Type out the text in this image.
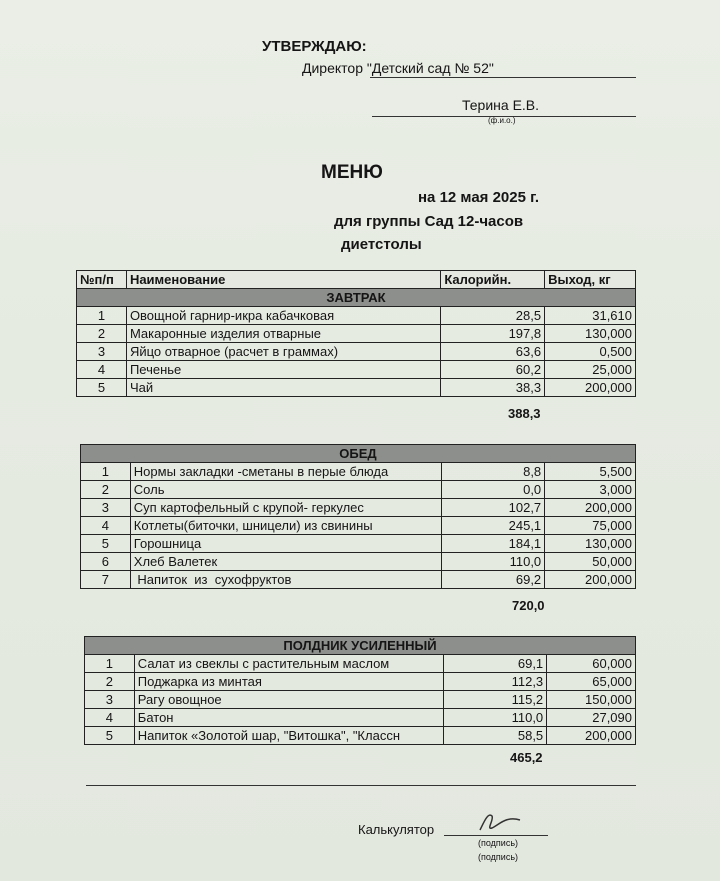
УТВЕРЖДАЮ:
Директор "Детский сад № 52"
Терина Е.В.
(ф.и.о.)
МЕНЮ
на 12 мая 2025 г.
для группы Сад 12-часов
диетстолы
№п/п	Наименование	Калорийн.	Выход, кг
ЗАВТРАК			
1	Овощной гарнир-икра кабачковая	28,5	31,610
2	Макаронные изделия отварные	197,8	130,000
3	Яйцо отварное (расчет в граммах)	63,6	0,500
4	Печенье	60,2	25,000
5	Чай	38,3	200,000
388,3
ОБЕД			
1	Нормы закладки -сметаны в перые блюда	8,8	5,500
2	Соль	0,0	3,000
3	Суп картофельный с крупой- геркулес	102,7	200,000
4	Котлеты(биточки, шницели) из свинины	245,1	75,000
5	Горошница	184,1	130,000
6	Хлеб Валетек	110,0	50,000
7	Напиток  из  сухофруктов	69,2	200,000
720,0
ПОЛДНИК УСИЛЕННЫЙ			
1	Салат из свеклы с растительным маслом	69,1	60,000
2	Поджарка из минтая	112,3	65,000
3	Рагу овощное	115,2	150,000
4	Батон	110,0	27,090
5	Напиток «Золотой шар, "Витошка", "Классн	58,5	200,000
465,2
Калькулятор
(подпись)
(подпись)
